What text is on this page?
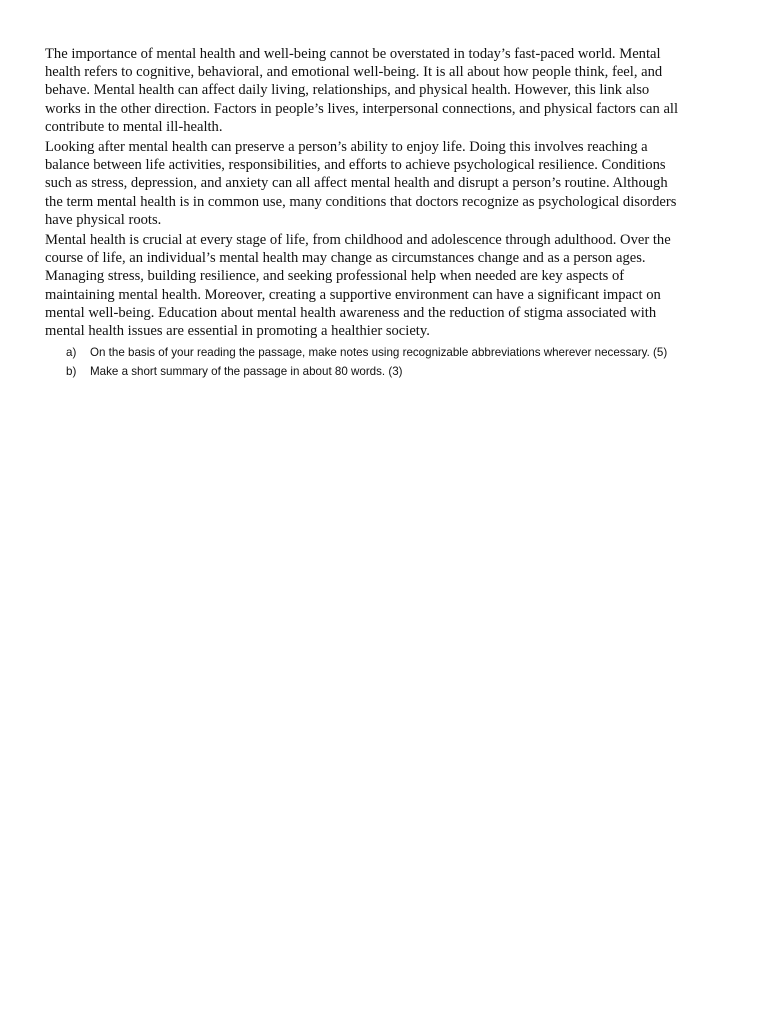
The importance of mental health and well-being cannot be overstated in today’s fast-paced world. Mental health refers to cognitive, behavioral, and emotional well-being. It is all about how people think, feel, and behave. Mental health can affect daily living, relationships, and physical health. However, this link also works in the other direction. Factors in people’s lives, interpersonal connections, and physical factors can all contribute to mental ill-health.

Looking after mental health can preserve a person’s ability to enjoy life. Doing this involves reaching a balance between life activities, responsibilities, and efforts to achieve psychological resilience. Conditions such as stress, depression, and anxiety can all affect mental health and disrupt a person’s routine. Although the term mental health is in common use, many conditions that doctors recognize as psychological disorders have physical roots.

Mental health is crucial at every stage of life, from childhood and adolescence through adulthood. Over the course of life, an individual’s mental health may change as circumstances change and as a person ages. Managing stress, building resilience, and seeking professional help when needed are key aspects of maintaining mental health. Moreover, creating a supportive environment can have a significant impact on mental well-being. Education about mental health awareness and the reduction of stigma associated with mental health issues are essential in promoting a healthier society.

a) On the basis of your reading the passage, make notes using recognizable abbreviations wherever necessary. (5)
b) Make a short summary of the passage in about 80 words. (3)
